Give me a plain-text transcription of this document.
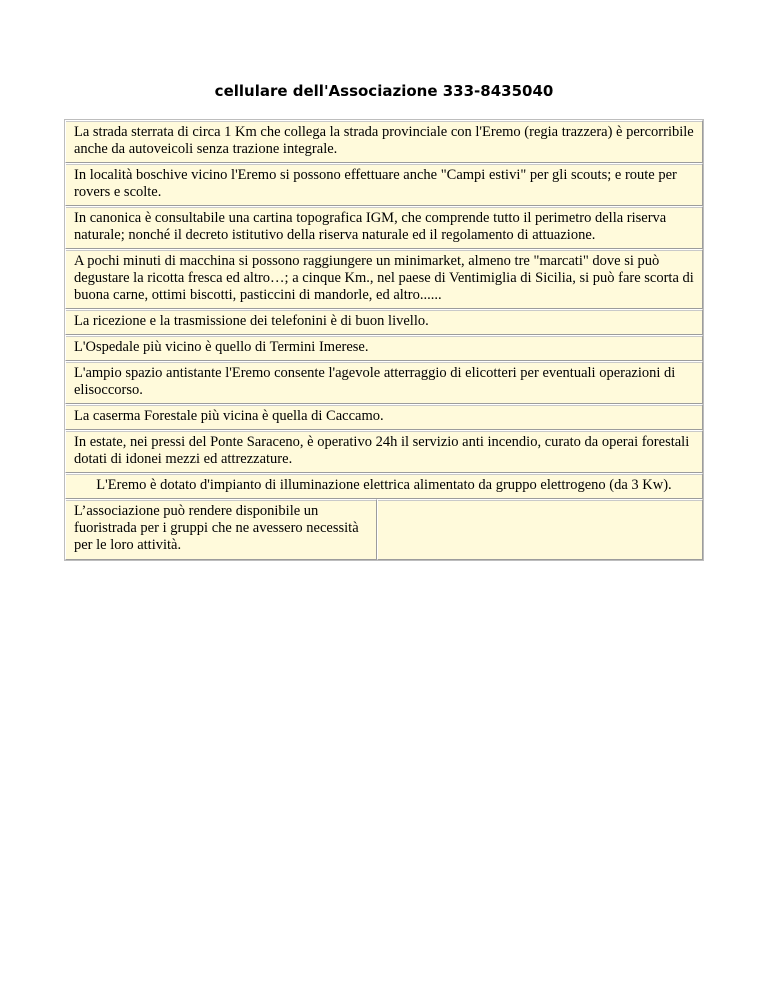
cellulare dell'Associazione 333-8435040
La strada sterrata di circa 1 Km che collega la strada provinciale con l'Eremo (regia trazzera) è percorribile anche da autoveicoli senza trazione integrale.
In località boschive vicino l'Eremo si possono effettuare anche "Campi estivi" per gli scouts; e route per rovers e scolte.
In canonica è consultabile una cartina topografica IGM, che comprende tutto il perimetro della riserva naturale; nonché il decreto istitutivo della riserva naturale ed il regolamento di attuazione.
A pochi minuti di macchina si possono raggiungere un minimarket, almeno tre "marcati" dove si può degustare la ricotta fresca ed altro…; a cinque Km., nel paese di Ventimiglia di Sicilia, si può fare scorta di buona carne, ottimi biscotti, pasticcini di mandorle, ed altro......
La ricezione e la trasmissione dei telefonini è di buon livello.
L'Ospedale più vicino è quello di Termini Imerese.
L'ampio spazio antistante l'Eremo consente l'agevole atterraggio di elicotteri per eventuali operazioni di elisoccorso.
La caserma Forestale più vicina è quella di Caccamo.
In estate, nei pressi del Ponte Saraceno, è operativo 24h il servizio anti incendio, curato da operai forestali dotati di idonei mezzi ed attrezzature.
L'Eremo è dotato d'impianto di illuminazione elettrica alimentato da gruppo elettrogeno (da 3 Kw).
L’associazione può rendere disponibile un fuoristrada per i gruppi che ne avessero necessità per le loro attività.	
